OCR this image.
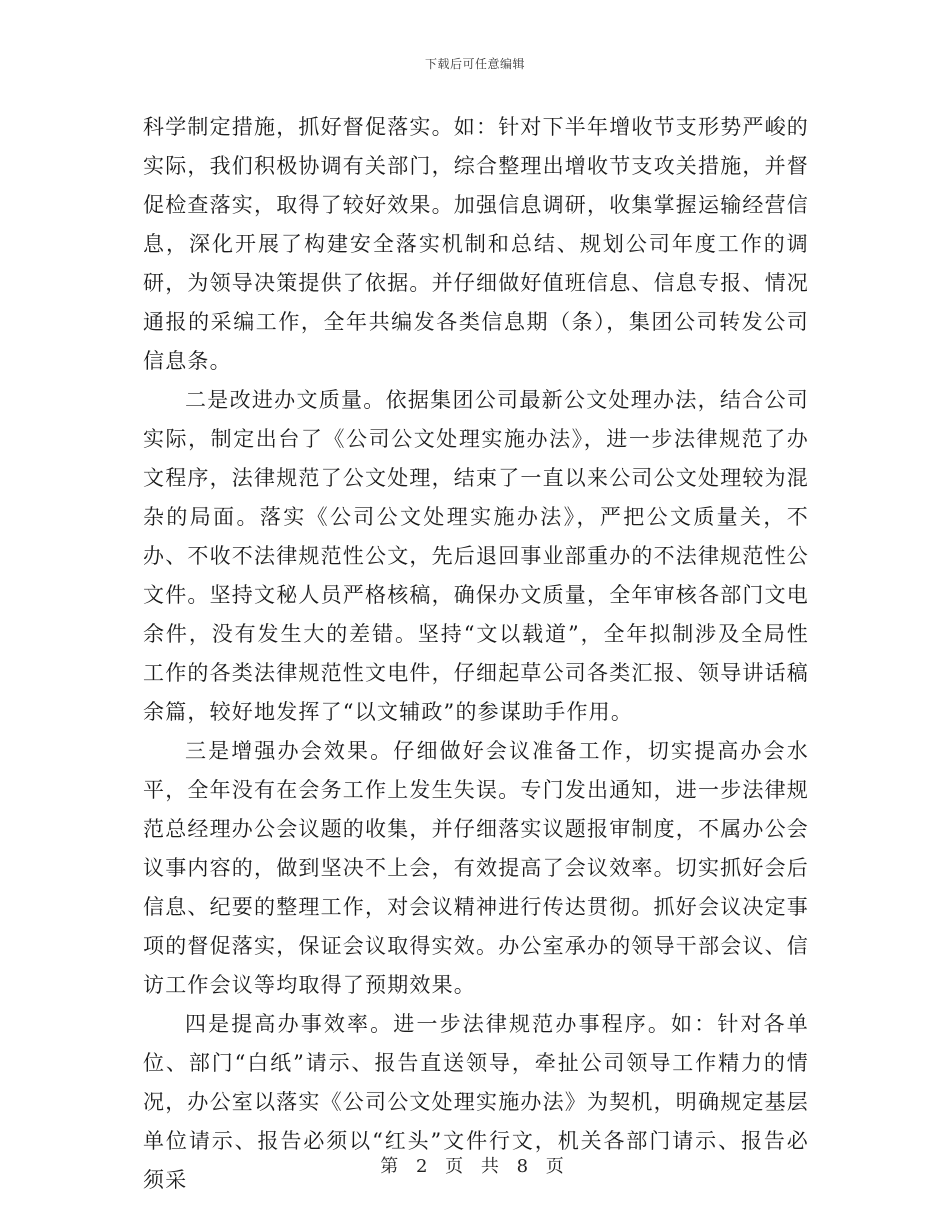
下载后可任意编辑

科学制定措施，抓好督促落实。如：针对下半年增收节支形势严峻的实际，我们积极协调有关部门，综合整理出增收节支攻关措施，并督促检查落实，取得了较好效果。加强信息调研，收集掌握运输经营信息，深化开展了构建安全落实机制和总结、规划公司年度工作的调研，为领导决策提供了依据。并仔细做好值班信息、信息专报、情况通报的采编工作，全年共编发各类信息期（条），集团公司转发公司信息条。

二是改进办文质量。依据集团公司最新公文处理办法，结合公司实际，制定出台了《公司公文处理实施办法》，进一步法律规范了办文程序，法律规范了公文处理，结束了一直以来公司公文处理较为混杂的局面。落实《公司公文处理实施办法》，严把公文质量关，不办、不收不法律规范性公文，先后退回事业部重办的不法律规范性公文件。坚持文秘人员严格核稿，确保办文质量，全年审核各部门文电余件，没有发生大的差错。坚持“文以载道”，全年拟制涉及全局性工作的各类法律规范性文电件，仔细起草公司各类汇报、领导讲话稿余篇，较好地发挥了“以文辅政”的参谋助手作用。

三是增强办会效果。仔细做好会议准备工作，切实提高办会水平，全年没有在会务工作上发生失误。专门发出通知，进一步法律规范总经理办公会议题的收集，并仔细落实议题报审制度，不属办公会议事内容的，做到坚决不上会，有效提高了会议效率。切实抓好会后信息、纪要的整理工作，对会议精神进行传达贯彻。抓好会议决定事项的督促落实，保证会议取得实效。办公室承办的领导干部会议、信访工作会议等均取得了预期效果。

四是提高办事效率。进一步法律规范办事程序。如：针对各单位、部门“白纸”请示、报告直送领导，牵扯公司领导工作精力的情况，办公室以落实《公司公文处理实施办法》为契机，明确规定基层单位请示、报告必须以“红头”文件行文，机关各部门请示、报告必须采

第 2 页 共 8 页
